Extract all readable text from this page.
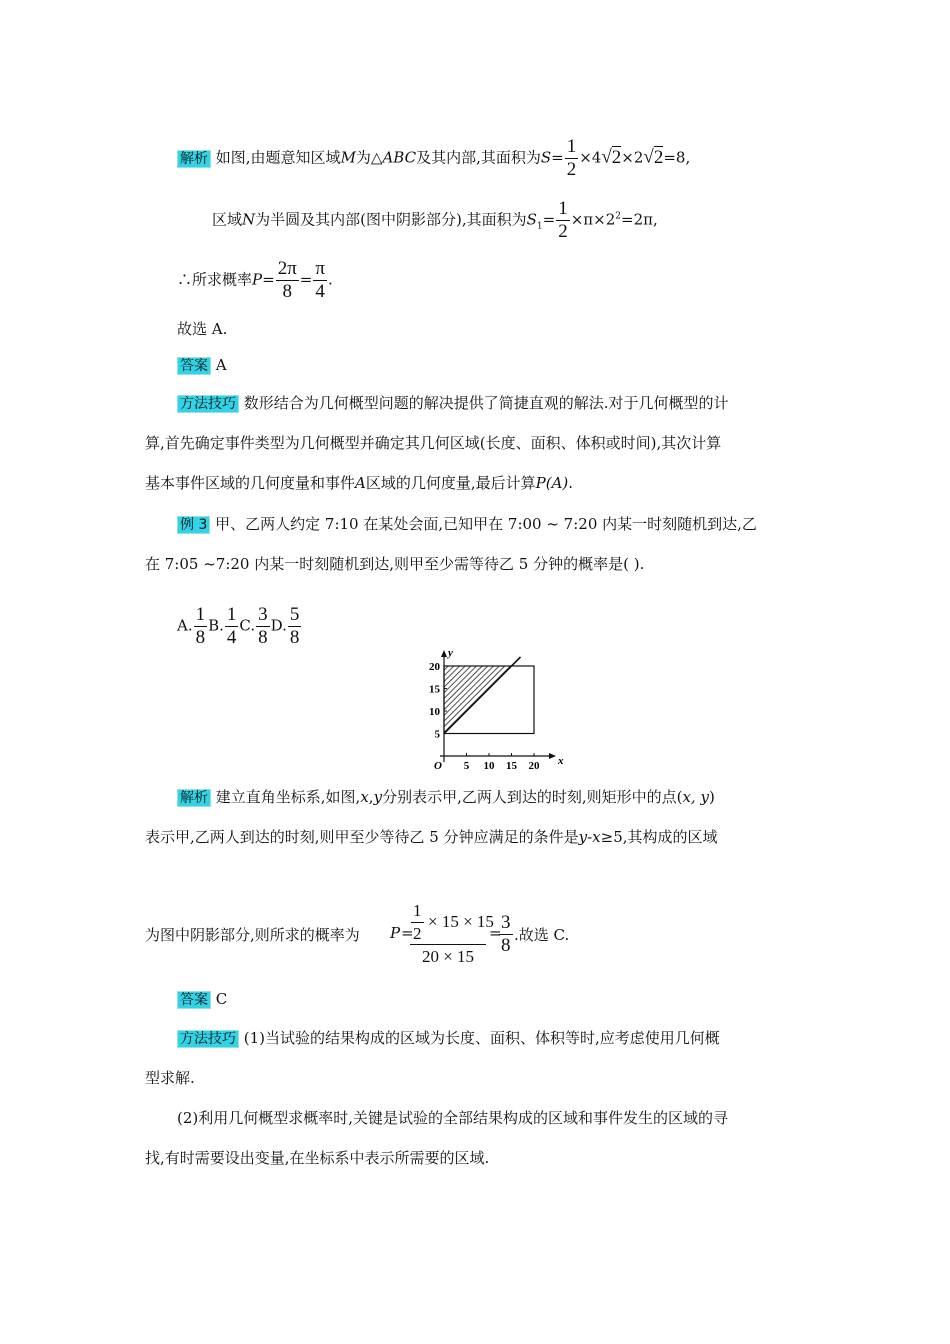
解析 如图,由题意知区域M为△ABC及其内部,其面积为$S= \frac{1}{2} \times 4√2\times 2√2=8$,
区域N为半圆及其内部(图中阴影部分),其面积为$S_1= \frac{1}{2} \times\pi\times 2^2=2\pi$,
∴所求概率$P= \frac{2\pi}{8} = \frac{\pi}{4}$ .
故选 A.
答案 A
方法技巧 数形结合为几何概型问题的解决提供了简捷直观的解法.对于几何概型的计
算,首先确定事件类型为几何概型并确定其几何区域(长度、面积、体积或时间),其次计算
基本事件区域的几何度量和事件A区域的几何度量,最后计算P(A).
例 3 甲、乙两人约定 7:10 在某处会面,已知甲在 7:00 ~ 7:20 内某一时刻随机到达,乙
在 7:05 ~7:20 内某一时刻随机到达,则甲至少需等待乙 5 分钟的概率是( ).
A. $\frac{1}{8} B$. $\frac{1}{4} C$. $\frac{3}{8} D$. $\frac{5}{8}$
5 10 15 20
5
10
15
20
O	x
y
解析 建立直角坐标系,如图,x,y分别表示甲,乙两人到达的时刻,则矩形中的点(x, y)
表示甲,乙两人到达的时刻,则甲至少等待乙 5 分钟应满足的条件是y-x≥5,其构成的区域
为图中阴影部分,则所求的概率为 P =
$\frac{\frac{1}{2} \times 15 \times 15}{20 \times 15}$ =
$\frac{3}{8}$ .故选 C.
答案 C
方法技巧 (1)当试验的结果构成的区域为长度、面积、体积等时,应考虑使用几何概
型求解.
(2)利用几何概型求概率时,关键是试验的全部结果构成的区域和事件发生的区域的寻
找,有时需要设出变量,在坐标系中表示所需要的区域.
